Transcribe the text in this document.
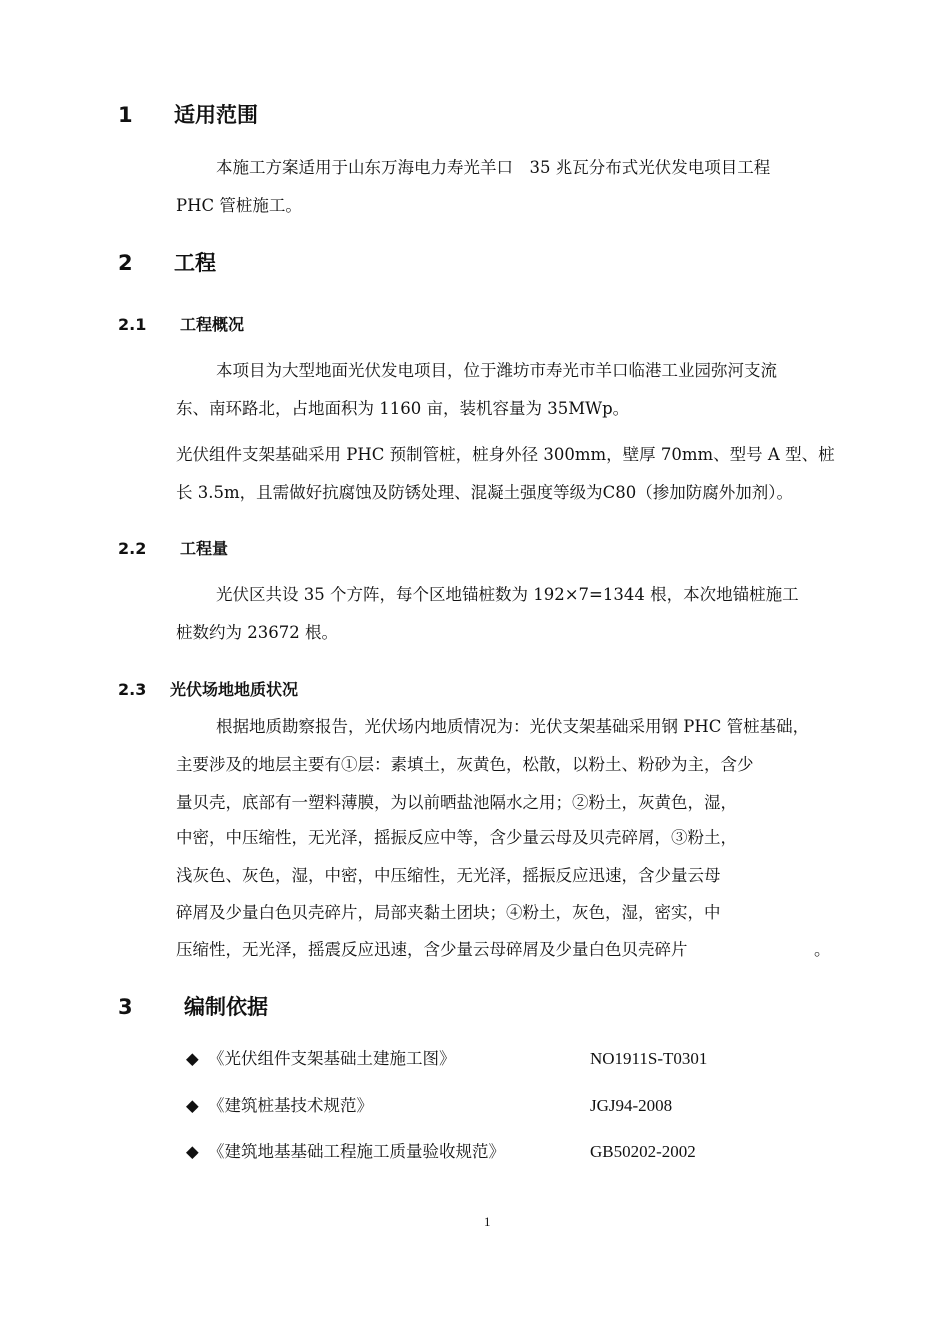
1 适用范围
本施工方案适用于山东万海电力寿光羊口　35 兆瓦分布式光伏发电项目工程
PHC 管桩施工。
2 工程
2.1 工程概况
本项目为大型地面光伏发电项目，位于潍坊市寿光市羊口临港工业园弥河支流
东、南环路北，占地面积为 1160 亩，装机容量为 35MWp。
光伏组件支架基础采用 PHC 预制管桩，桩身外径 300mm，壁厚 70mm、型号 A 型、桩
长 3.5m，且需做好抗腐蚀及防锈处理、混凝土强度等级为C80（掺加防腐外加剂）。
2.2 工程量
光伏区共设 35 个方阵，每个区地锚桩数为 192×7=1344 根，本次地锚桩施工
桩数约为 23672 根。
2.3 光伏场地地质状况
根据地质勘察报告，光伏场内地质情况为：光伏支架基础采用钢 PHC 管桩基础，
主要涉及的地层主要有①层：素填土，灰黄色，松散，以粉土、粉砂为主，含少
量贝壳，底部有一塑料薄膜，为以前晒盐池隔水之用；②粉土，灰黄色，湿，
中密，中压缩性，无光泽，摇振反应中等，含少量云母及贝壳碎屑，③粉土，
浅灰色、灰色，湿，中密，中压缩性，无光泽，摇振反应迅速，含少量云母
碎屑及少量白色贝壳碎片，局部夹黏土团块；④粉土，灰色，湿，密实，中
压缩性，无光泽，摇震反应迅速，含少量云母碎屑及少量白色贝壳碎片	。
3 编制依据
◆ 《光伏组件支架基础土建施工图》	NO1911S-T0301
◆ 《建筑桩基技术规范》	JGJ94-2008
◆ 《建筑地基基础工程施工质量验收规范》	GB50202-2002
1
